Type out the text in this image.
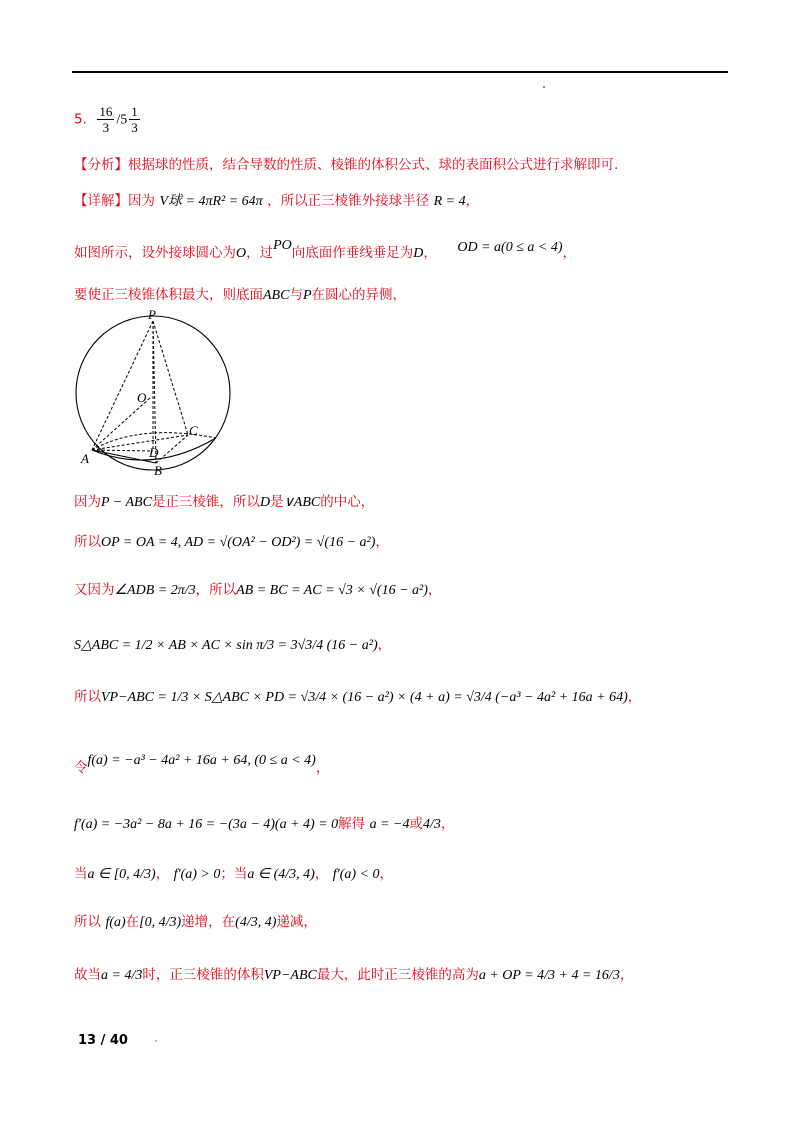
5. $\frac{16}{3} /5 \frac{1}{3}$
【分析】根据球的性质，结合导数的性质、棱锥的体积公式、球的表面积公式进行求解即可.
【详解】因为 V球 = 4πR² = 64π ，所以正三棱锥外接球半径 R = 4，
如图所示，设外接球圆心为O，过PO向底面作垂线垂足为D， OD = a(0 ≤ a < 4)，
要使正三棱锥体积最大，则底面ABC与P在圆心的异侧，
P
O
C
A	D
B
因为P − ABC是正三棱锥，所以D是∨ABC的中心，
所以OP = OA = 4, AD = √(OA² − OD²) = √(16 − a²)，
又因为∠ADB = 2π/3，所以AB = BC = AC = √3 × √(16 − a²)，
S△ABC = 1/2 × AB × AC × sin π/3 = 3√3/4 (16 − a²)，
所以VP−ABC = 1/3 × S△ABC × PD = √3/4 × (16 − a²) × (4 + a) = √3/4 (−a³ − 4a² + 16a + 64)，
令f(a) = −a³ − 4a² + 16a + 64, (0 ≤ a < 4)，
f′(a) = −3a² − 8a + 16 = −(3a − 4)(a + 4) = 0解得 a = −4或4/3，
当a ∈ [0, 4/3)， f′(a) > 0；当a ∈ (4/3, 4)， f′(a) < 0，
所以 f(a)在[0, 4/3)递增，在(4/3, 4)递减，
故当a = 4/3时，正三棱锥的体积VP−ABC最大，此时正三棱锥的高为a + OP = 4/3 + 4 = 16/3，
13 / 40
